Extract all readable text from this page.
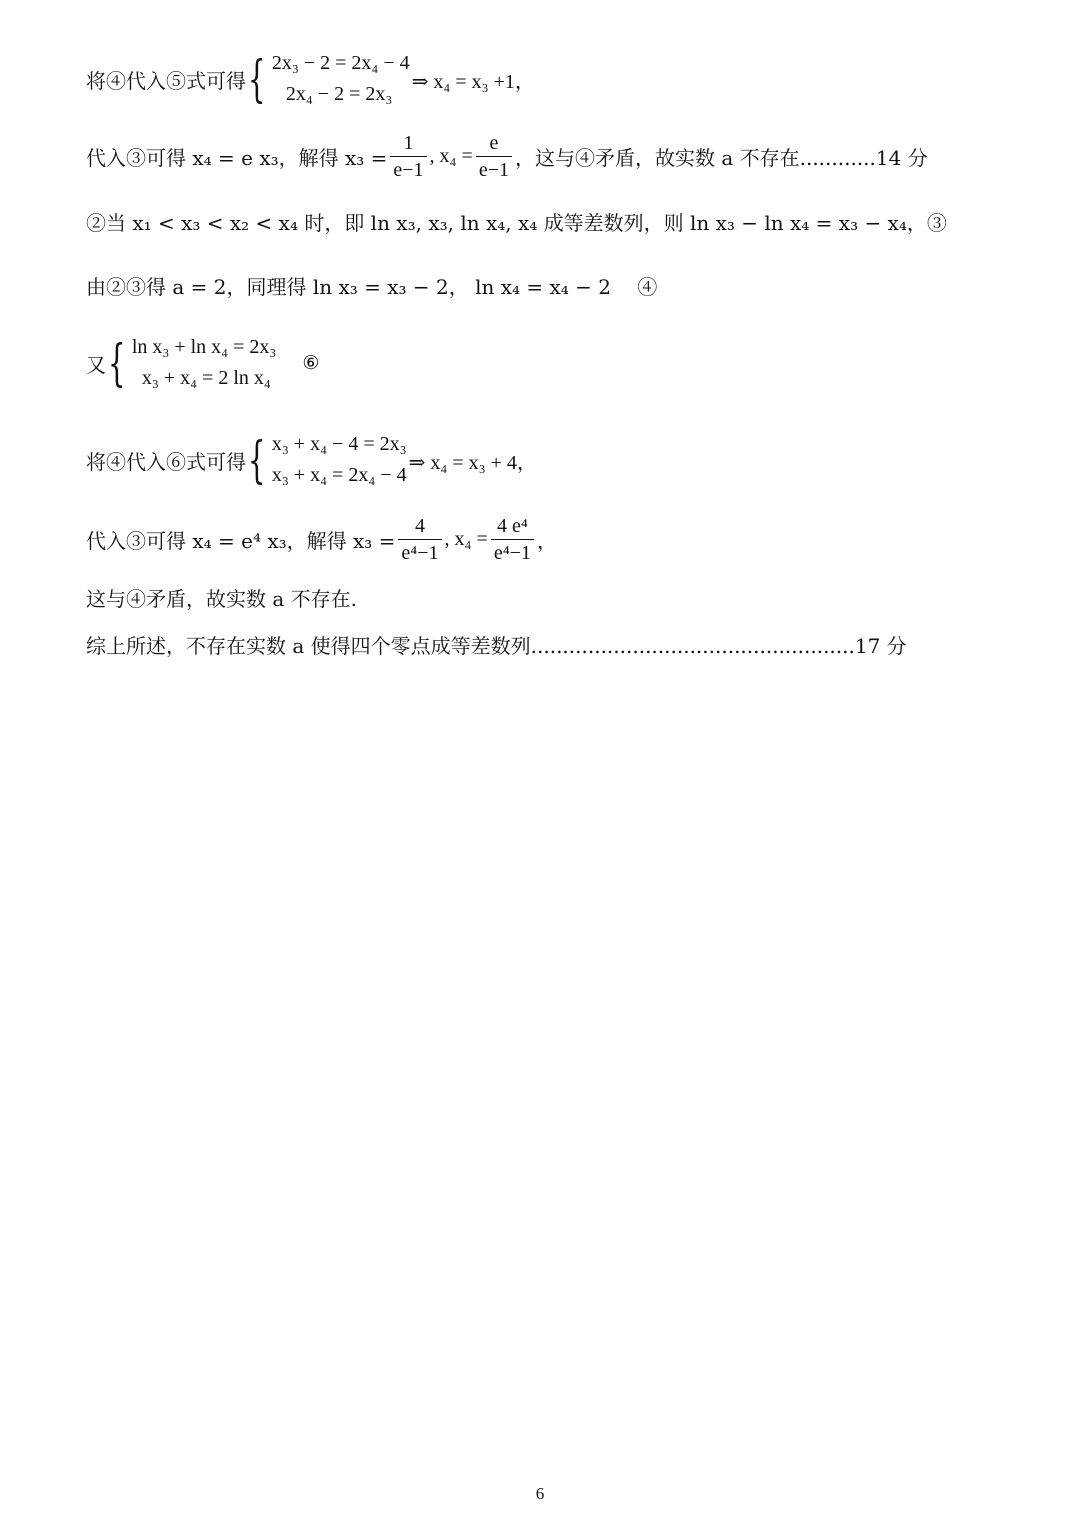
将④代入⑤式可得 { 2x₃ − 2 = 2x₄ − 4
2x₄ − 2 = 2x₃
⇒ x₄ = x₃ +1，
代入③可得 x₄ = e x₃，解得 $x_3 = \frac{1}{e-1}$ , $x_4 = \frac{e}{e-1}$ ，这与④矛盾，故实数 a 不存在............14 分
②当 x₁ < x₃ < x₂ < x₄ 时，即 ln x₃, x₃, ln x₄, x₄ 成等差数列，则 ln x₃ − ln x₄ = x₃ − x₄，③
由②③得 a = 2，同理得 ln x₃ = x₃ − 2， ln x₄ = x₄ − 2 　④
又 { ln x₃ + ln x₄ = 2x₃
x₃ + x₄ = 2 ln x₄
⑥
将④代入⑥式可得 { x₃ + x₄ − 4 = 2x₃
x₃ + x₄ = 2x₄ − 4
⇒ x₄ = x₃ + 4，
代入③可得 x₄ = e⁴ x₃，解得 $x_3 = \frac{4}{\text{e⁴−1}}$ , $x_4 = \frac{\text{4 e⁴}}{\text{e⁴−1}}$ ，
这与④矛盾，故实数 a 不存在.
综上所述，不存在实数 a 使得四个零点成等差数列...................................................17 分
6
